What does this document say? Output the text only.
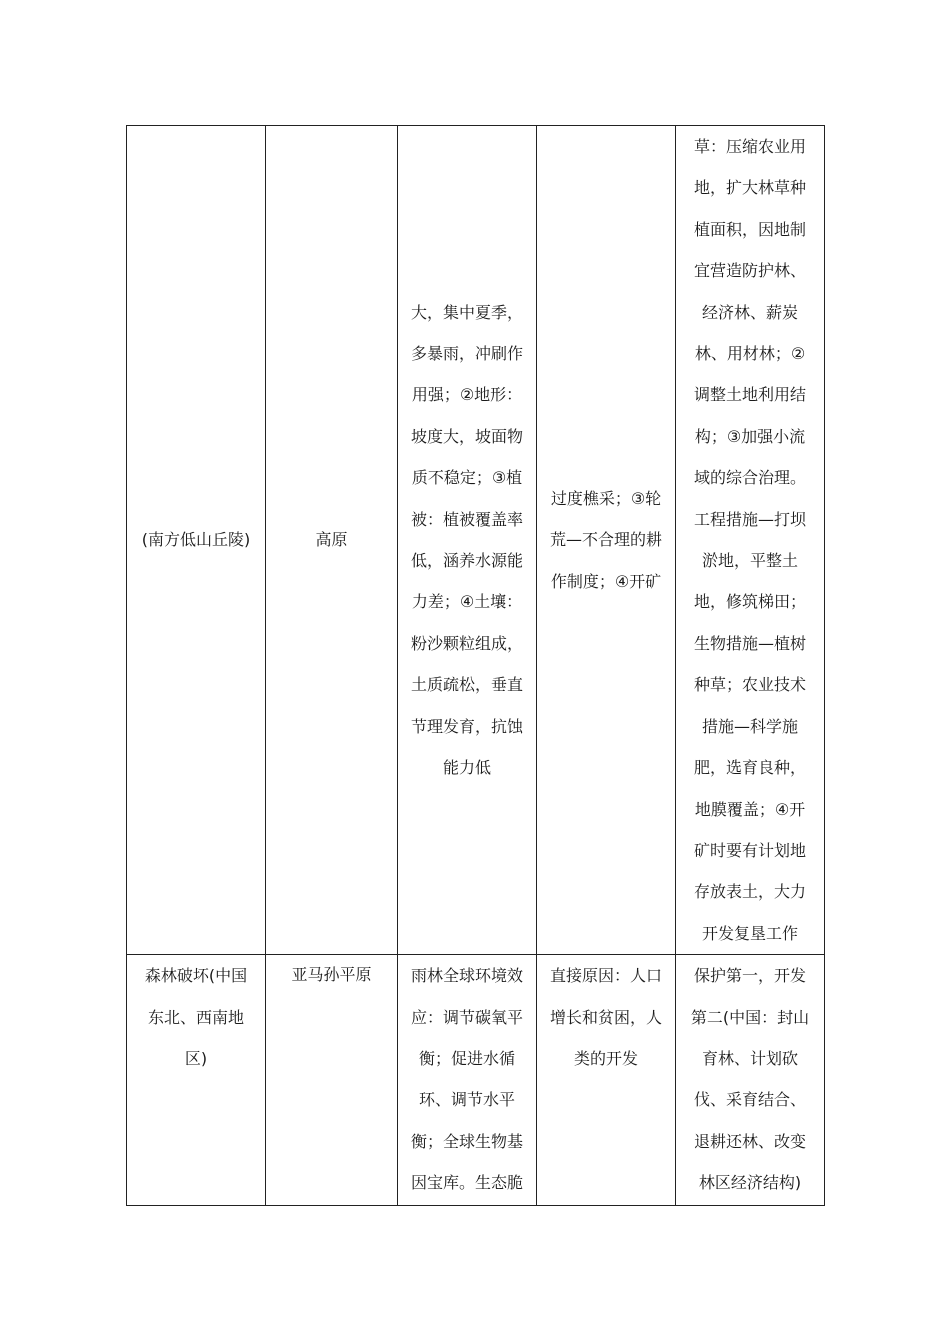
(南方低山丘陵)	高原	大，集中夏季，多暴雨，冲刷作用强；②地形：坡度大，坡面物质不稳定；③植被：植被覆盖率低，涵养水源能力差；④土壤：粉沙颗粒组成，土质疏松，垂直节理发育，抗蚀能力低	过度樵采；③轮荒—不合理的耕作制度；④开矿	草：压缩农业用地，扩大林草种植面积，因地制宜营造防护林、经济林、薪炭林、用材林；②调整土地利用结构；③加强小流域的综合治理。工程措施—打坝淤地，平整土地，修筑梯田；生物措施—植树种草；农业技术措施—科学施肥，选育良种，地膜覆盖；④开矿时要有计划地存放表土，大力开发复垦工作
森林破坏(中国东北、西南地区)	亚马孙平原	雨林全球环境效应：调节碳氧平衡；促进水循环、调节水平衡；全球生物基因宝库。生态脆	直接原因：人口增长和贫困，人类的开发	保护第一，开发第二(中国：封山育林、计划砍伐、采育结合、退耕还林、改变林区经济结构)
